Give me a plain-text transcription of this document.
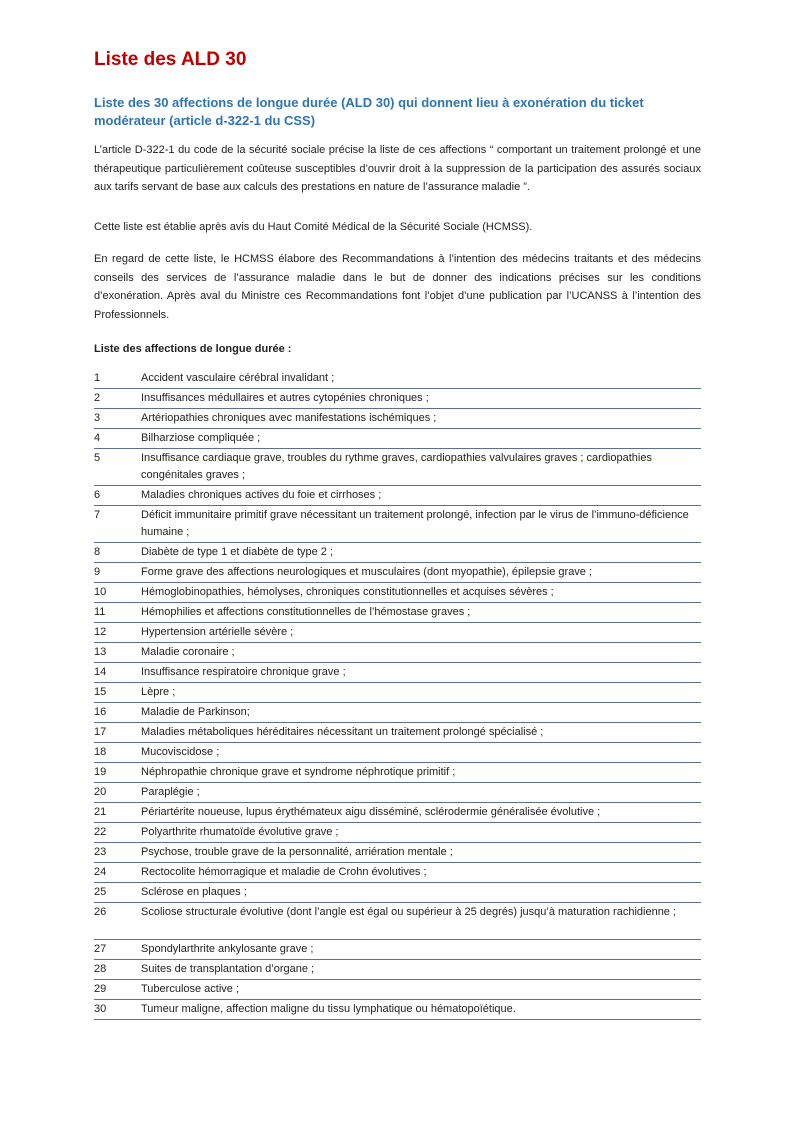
Liste des ALD 30
Liste des 30 affections de longue durée (ALD 30) qui donnent lieu à exonération du ticket modérateur (article d-322-1 du CSS)

L’article D-322-1 du code de la sécurité sociale précise la liste de ces affections “ comportant un traitement prolongé et une thérapeutique particulièrement coûteuse susceptibles d’ouvrir droit à la suppression de la participation des assurés sociaux aux tarifs servant de base aux calculs des prestations en nature de l’assurance maladie ”.

Cette liste est établie après avis du Haut Comité Médical de la Sécurité Sociale (HCMSS).

En regard de cette liste, le HCMSS élabore des Recommandations à l’intention des médecins traitants et des médecins conseils des services de l’assurance maladie dans le but de donner des indications précises sur les conditions d’exonération. Après aval du Ministre ces Recommandations font l’objet d’une publication par l’UCANSS à l’intention des Professionnels.

Liste des affections de longue durée :

1	Accident vasculaire cérébral invalidant ;
2	Insuffisances médullaires et autres cytopénies chroniques ;
3	Artériopathies chroniques avec manifestations ischémiques ;
4	Bilharziose compliquée ;
5	Insuffisance cardiaque grave, troubles du rythme graves, cardiopathies valvulaires graves ; cardiopathies congénitales graves ;
6	Maladies chroniques actives du foie et cirrhoses ;
7	Déficit immunitaire primitif grave nécessitant un traitement prolongé, infection par le virus de l’immuno-déficience humaine ;
8	Diabète de type 1 et diabète de type 2 ;
9	Forme grave des affections neurologiques et musculaires (dont myopathie), épilepsie grave ;
10	Hémoglobinopathies, hémolyses, chroniques constitutionnelles et acquises sévères ;
11	Hémophilies et affections constitutionnelles de l’hémostase graves ;
12	Hypertension artérielle sévère ;
13	Maladie coronaire ;
14	Insuffisance respiratoire chronique grave ;
15	Lèpre ;
16	Maladie de Parkinson;
17	Maladies métaboliques héréditaires nécessitant un traitement prolongé spécialisé ;
18	Mucoviscidose ;
19	Néphropathie chronique grave et syndrome néphrotique primitif ;
20	Paraplégie ;
21	Périartérite noueuse, lupus érythémateux aigu disséminé, sclérodermie généralisée évolutive ;
22	Polyarthrite rhumatoïde évolutive grave ;
23	Psychose, trouble grave de la personnalité, arriération mentale ;
24	Rectocolite hémorragique et maladie de Crohn évolutives ;
25	Sclérose en plaques ;
26	Scoliose structurale évolutive (dont l’angle est égal ou supérieur à 25 degrés) jusqu’à maturation rachidienne ;
27	Spondylarthrite ankylosante grave ;
28	Suites de transplantation d’organe ;
29	Tuberculose active ;
30	Tumeur maligne, affection maligne du tissu lymphatique ou hématopoïétique.
